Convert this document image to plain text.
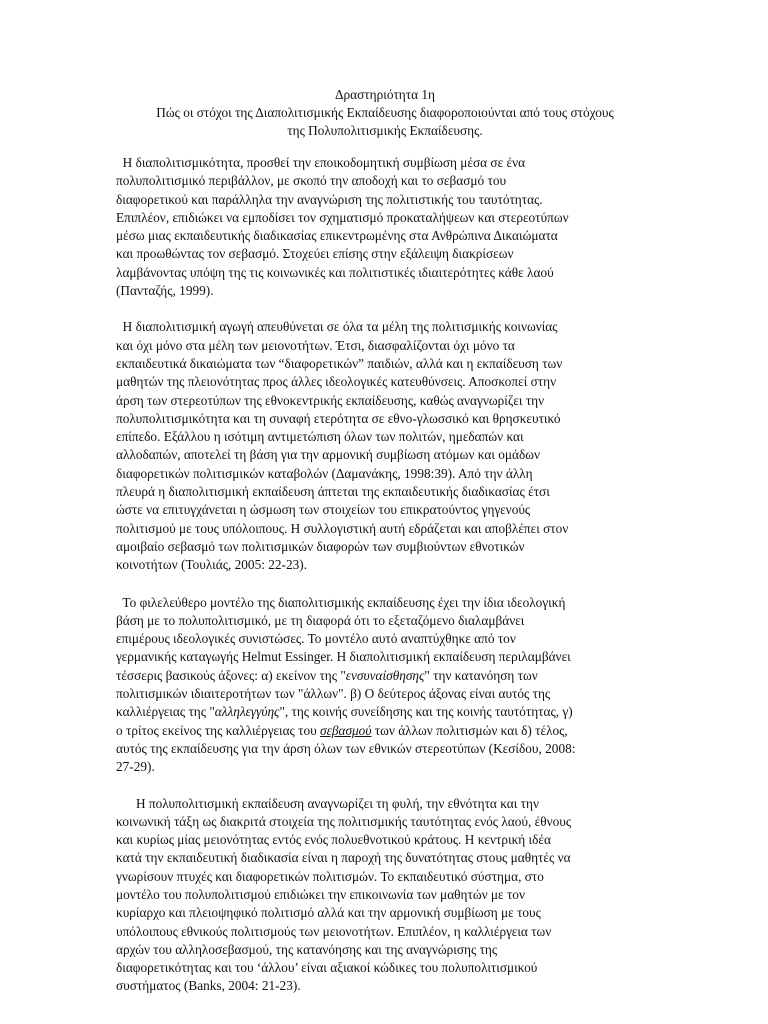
Δραστηριότητα 1η
Πώς οι στόχοι της Διαπολιτισμικής Εκπαίδευσης διαφοροποιούνται από τους στόχους
της Πολυπολιτισμικής Εκπαίδευσης.

Η διαπολιτισμικότητα, προσθεί την εποικοδομητική συμβίωση μέσα σε ένα
πολυπολιτισμικό περιβάλλον, με σκοπό την αποδοχή και το σεβασμό του
διαφορετικού και παράλληλα την αναγνώριση της πολιτιστικής του ταυτότητας.
Επιπλέον, επιδιώκει να εμποδίσει τον σχηματισμό προκαταλήψεων και στερεοτύπων
μέσω μιας εκπαιδευτικής διαδικασίας επικεντρωμένης στα Ανθρώπινα Δικαιώματα
και προωθώντας τον σεβασμό. Στοχεύει επίσης στην εξάλειψη διακρίσεων
λαμβάνοντας υπόψη της τις κοινωνικές και πολιτιστικές ιδιαιτερότητες κάθε λαού
(Πανταζής, 1999).

Η διαπολιτισμική αγωγή απευθύνεται σε όλα τα μέλη της πολιτισμικής κοινωνίας
και όχι μόνο στα μέλη των μειονοτήτων. Έτσι, διασφαλίζονται όχι μόνο τα
εκπαιδευτικά δικαιώματα των “διαφορετικών” παιδιών, αλλά και η εκπαίδευση των
μαθητών της πλειονότητας προς άλλες ιδεολογικές κατευθύνσεις. Αποσκοπεί στην
άρση των στερεοτύπων της εθνοκεντρικής εκπαίδευσης, καθώς αναγνωρίζει την
πολυπολιτισμικότητα και τη συναφή ετερότητα σε εθνο-γλωσσικό και θρησκευτικό
επίπεδο. Εξάλλου η ισότιμη αντιμετώπιση όλων των πολιτών, ημεδαπών και
αλλοδαπών, αποτελεί τη βάση για την αρμονική συμβίωση ατόμων και ομάδων
διαφορετικών πολιτισμικών καταβολών (Δαμανάκης, 1998:39). Από την άλλη
πλευρά η διαπολιτισμική εκπαίδευση άπτεται της εκπαιδευτικής διαδικασίας έτσι
ώστε να επιτυγχάνεται η ώσμωση των στοιχείων του επικρατούντος γηγενούς
πολιτισμού με τους υπόλοιπους. Η συλλογιστική αυτή εδράζεται και αποβλέπει στον
αμοιβαίο σεβασμό των πολιτισμικών διαφορών των συμβιούντων εθνοτικών
κοινοτήτων (Τουλιάς, 2005: 22-23).

Το φιλελεύθερο μοντέλο της διαπολιτισμικής εκπαίδευσης έχει την ίδια ιδεολογική
βάση με το πολυπολιτισμικό, με τη διαφορά ότι το εξεταζόμενο διαλαμβάνει
επιμέρους ιδεολογικές συνιστώσες. Το μοντέλο αυτό αναπτύχθηκε από τον
γερμανικής καταγωγής Helmut Essinger. Η διαπολιτισμική εκπαίδευση περιλαμβάνει
τέσσερις βασικούς άξονες: α) εκείνον της "ενσυναίσθησης" την κατανόηση των
πολιτισμικών ιδιαιτεροτήτων των "άλλων". β) Ο δεύτερος άξονας είναι αυτός της
καλλιέργειας της "αλληλεγγύης", της κοινής συνείδησης και της κοινής ταυτότητας, γ)
ο τρίτος εκείνος της καλλιέργειας του σεβασμού των άλλων πολιτισμών και δ) τέλος,
αυτός της εκπαίδευσης για την άρση όλων των εθνικών στερεοτύπων (Κεσίδου, 2008:
27-29).

Η πολυπολιτισμική εκπαίδευση αναγνωρίζει τη φυλή, την εθνότητα και την
κοινωνική τάξη ως διακριτά στοιχεία της πολιτισμικής ταυτότητας ενός λαού, έθνους
και κυρίως μίας μειονότητας εντός ενός πολυεθνοτικού κράτους. Η κεντρική ιδέα
κατά την εκπαιδευτική διαδικασία είναι η παροχή της δυνατότητας στους μαθητές να
γνωρίσουν πτυχές και διαφορετικών πολιτισμών. Το εκπαιδευτικό σύστημα, στο
μοντέλο του πολυπολιτισμού επιδιώκει την επικοινωνία των μαθητών με τον
κυρίαρχο και πλειοψηφικό πολιτισμό αλλά και την αρμονική συμβίωση με τους
υπόλοιπους εθνικούς πολιτισμούς των μειονοτήτων. Επιπλέον, η καλλιέργεια των
αρχών του αλληλοσεβασμού, της κατανόησης και της αναγνώρισης της
διαφορετικότητας και του ‘άλλου’ είναι αξιακοί κώδικες του πολυπολιτισμικού
συστήματος (Banks, 2004: 21-23).
